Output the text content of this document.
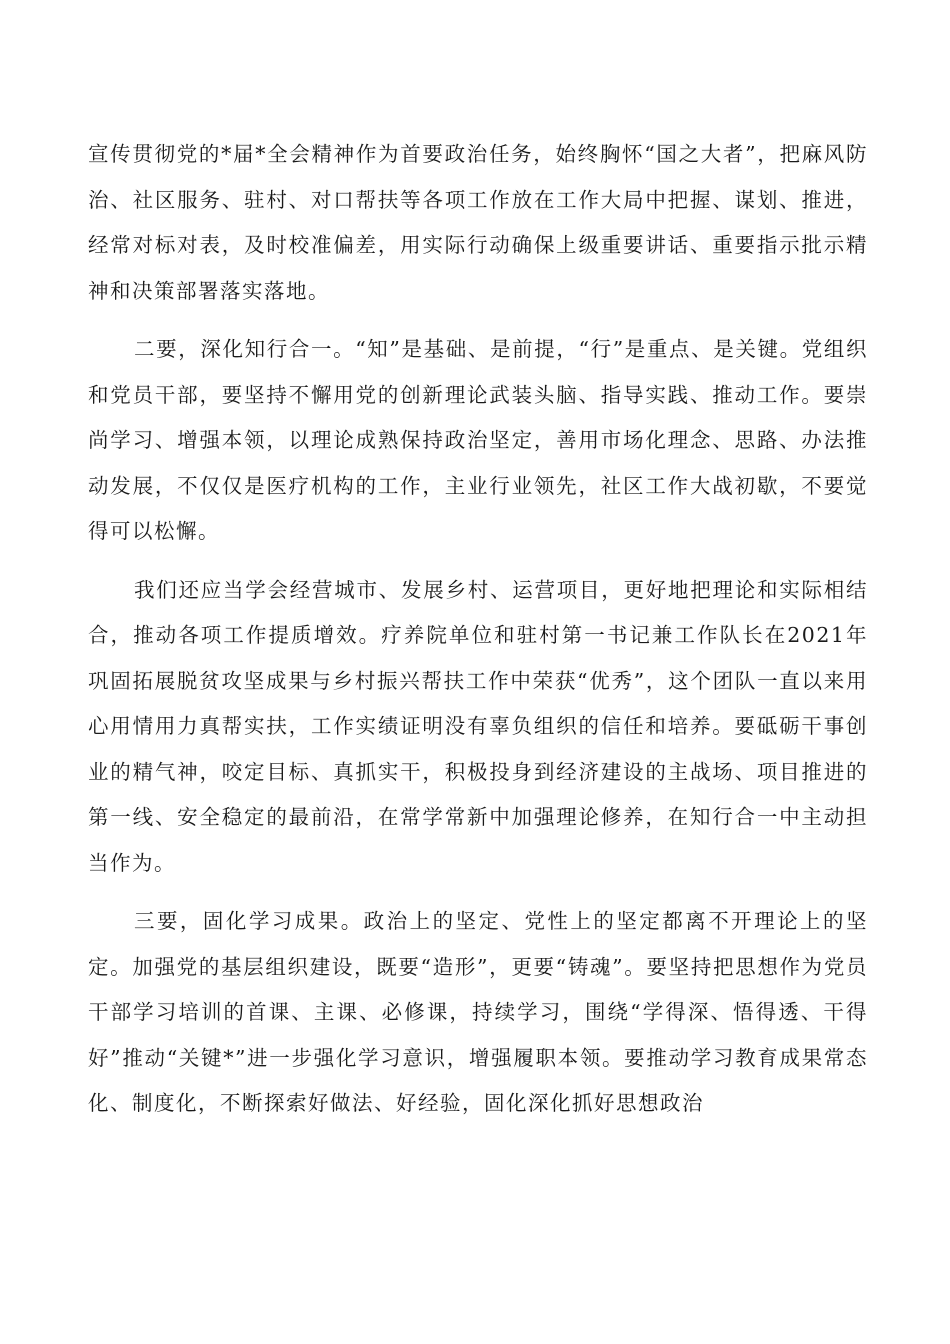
宣传贯彻党的*届*全会精神作为首要政治任务，始终胸怀“国之大者”，把麻风防治、社区服务、驻村、对口帮扶等各项工作放在工作大局中把握、谋划、推进，经常对标对表，及时校准偏差，用实际行动确保上级重要讲话、重要指示批示精神和决策部署落实落地。

二要，深化知行合一。“知”是基础、是前提，“行”是重点、是关键。党组织和党员干部，要坚持不懈用党的创新理论武装头脑、指导实践、推动工作。要崇尚学习、增强本领，以理论成熟保持政治坚定，善用市场化理念、思路、办法推动发展，不仅仅是医疗机构的工作，主业行业领先，社区工作大战初歇，不要觉得可以松懈。

我们还应当学会经营城市、发展乡村、运营项目，更好地把理论和实际相结合，推动各项工作提质增效。疗养院单位和驻村第一书记兼工作队长在2021年巩固拓展脱贫攻坚成果与乡村振兴帮扶工作中荣获“优秀”，这个团队一直以来用心用情用力真帮实扶，工作实绩证明没有辜负组织的信任和培养。要砥砺干事创业的精气神，咬定目标、真抓实干，积极投身到经济建设的主战场、项目推进的第一线、安全稳定的最前沿，在常学常新中加强理论修养，在知行合一中主动担当作为。

三要，固化学习成果。政治上的坚定、党性上的坚定都离不开理论上的坚定。加强党的基层组织建设，既要“造形”，更要“铸魂”。要坚持把思想作为党员干部学习培训的首课、主课、必修课，持续学习，围绕“学得深、悟得透、干得好”推动“关键*”进一步强化学习意识，增强履职本领。要推动学习教育成果常态化、制度化，不断探索好做法、好经验，固化深化抓好思想政治
